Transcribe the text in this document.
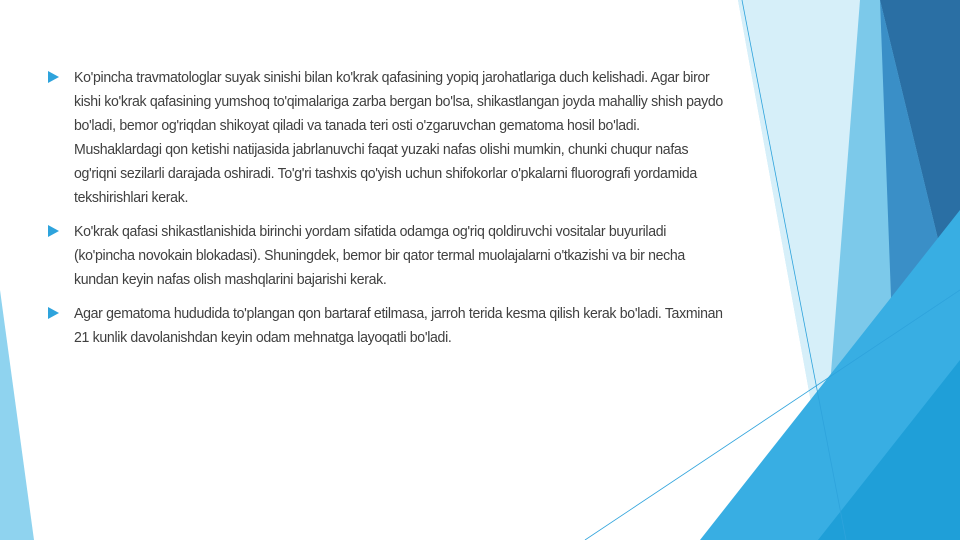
Ko'pincha travmatologlar suyak sinishi bilan ko'krak qafasining yopiq jarohatlariga duch kelishadi. Agar biror kishi ko'krak qafasining yumshoq to'qimalariga zarba bergan bo'lsa, shikastlangan joyda mahalliy shish paydo bo'ladi, bemor og'riqdan shikoyat qiladi va tanada teri osti o'zgaruvchan gematoma hosil bo'ladi. Mushaklardagi qon ketishi natijasida jabrlanuvchi faqat yuzaki nafas olishi mumkin, chunki chuqur nafas og'riqni sezilarli darajada oshiradi. To'g'ri tashxis qo'yish uchun shifokorlar o'pkalarni fluorografi yordamida tekshirishlari kerak.
Ko'krak qafasi shikastlanishida birinchi yordam sifatida odamga og'riq qoldiruvchi vositalar buyuriladi (ko'pincha novokain blokadasi). Shuningdek, bemor bir qator termal muolajalarni o'tkazishi va bir necha kundan keyin nafas olish mashqlarini bajarishi kerak.
Agar gematoma hududida to'plangan qon bartaraf etilmasa, jarroh terida kesma qilish kerak bo'ladi. Taxminan 21 kunlik davolanishdan keyin odam mehnatga layoqatli bo'ladi.
